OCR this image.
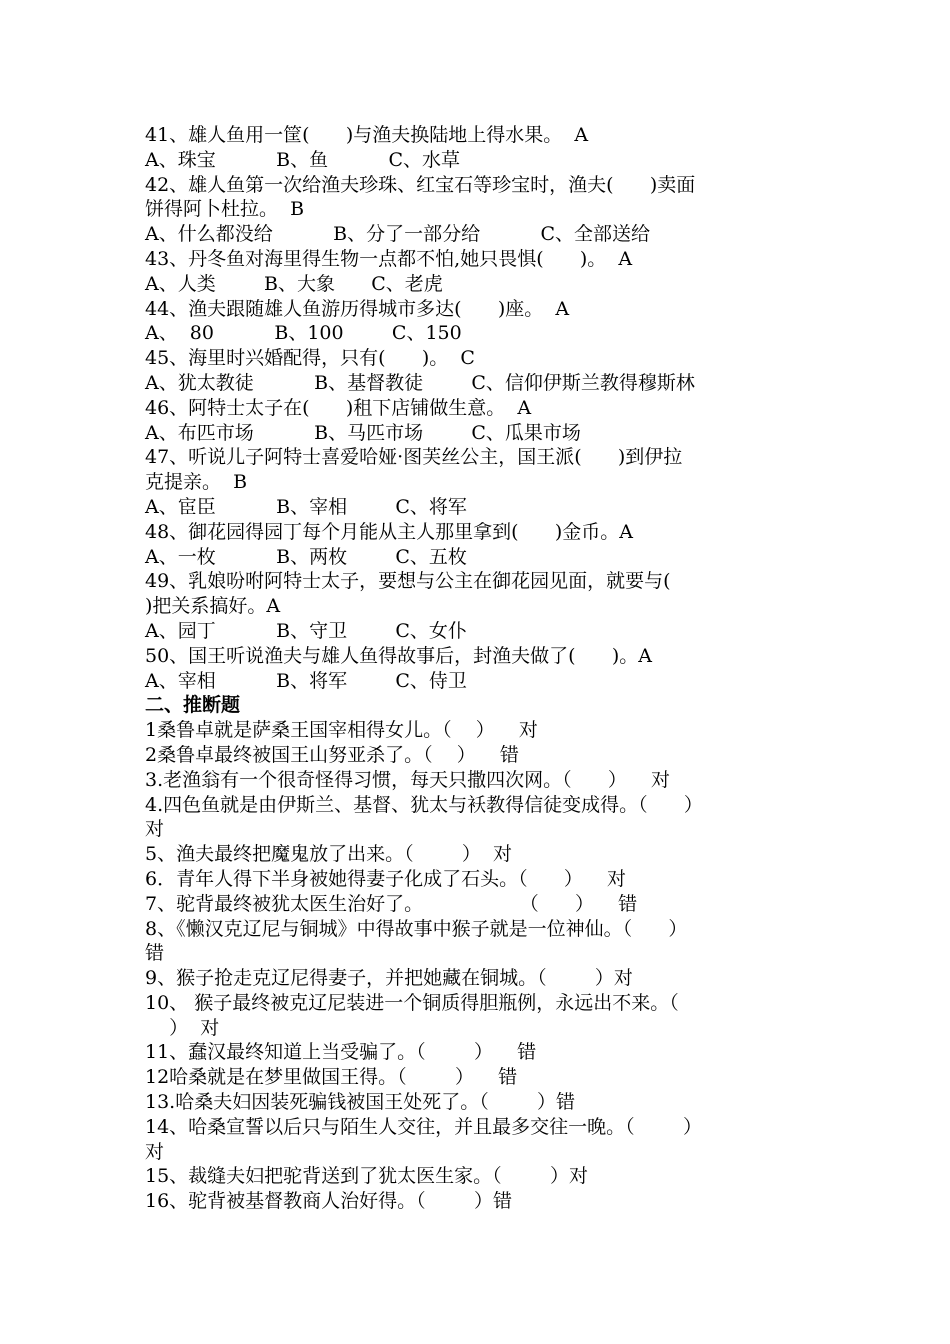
41、雄人鱼用一筐(      )与渔夫换陆地上得水果。  A
A、珠宝          B、鱼          C、水草
42、雄人鱼第一次给渔夫珍珠、红宝石等珍宝时，渔夫(      )卖面
饼得阿卜杜拉。  B
A、什么都没给          B、分了一部分给          C、全部送给
43、丹冬鱼对海里得生物一点都不怕,她只畏惧(      )。  A
A、人类        B、大象      C、老虎
44、渔夫跟随雄人鱼游历得城市多达(      )座。  A
A、  80          B、100        C、150
45、海里时兴婚配得，只有(      )。  C
A、犹太教徒          B、基督教徒        C、信仰伊斯兰教得穆斯林
46、阿特士太子在(      )租下店铺做生意。  A
A、布匹市场          B、马匹市场        C、瓜果市场
47、听说儿子阿特士喜爱哈娅·图芙丝公主，国王派(      )到伊拉
克提亲。  B
A、宦臣          B、宰相        C、将军
48、御花园得园丁每个月能从主人那里拿到(      )金币。A
A、一枚          B、两枚        C、五枚
49、乳娘吩咐阿特士太子，要想与公主在御花园见面，就要与(
)把关系搞好。A
A、园丁          B、守卫        C、女仆
50、国王听说渔夫与雄人鱼得故事后，封渔夫做了(      )。A
A、宰相          B、将军        C、侍卫
二、推断题
1桑鲁卓就是萨桑王国宰相得女儿。（    ）    对
2桑鲁卓最终被国王山努亚杀了。（    ）    错
3.老渔翁有一个很奇怪得习惯，每天只撒四次网。（      ）    对
4.四色鱼就是由伊斯兰、基督、犹太与袄教得信徒变成得。（      ）
对
5、渔夫最终把魔鬼放了出来。（        ）  对
6．青年人得下半身被她得妻子化成了石头。（      ）    对
7、驼背最终被犹太医生治好了。                （      ）    错
8、《懒汉克辽尼与铜城》中得故事中猴子就是一位神仙。（      ）
错
9、猴子抢走克辽尼得妻子，并把她藏在铜城。（        ）对
10、 猴子最终被克辽尼装进一个铜质得胆瓶例，永远出不来。（
）  对
11、蠢汉最终知道上当受骗了。（        ）    错
12哈桑就是在梦里做国王得。（        ）    错
13.哈桑夫妇因装死骗钱被国王处死了。（        ）错
14、哈桑宣誓以后只与陌生人交往，并且最多交往一晚。（        ）
对
15、裁缝夫妇把驼背送到了犹太医生家。（        ）对
16、驼背被基督教商人治好得。（        ）错
